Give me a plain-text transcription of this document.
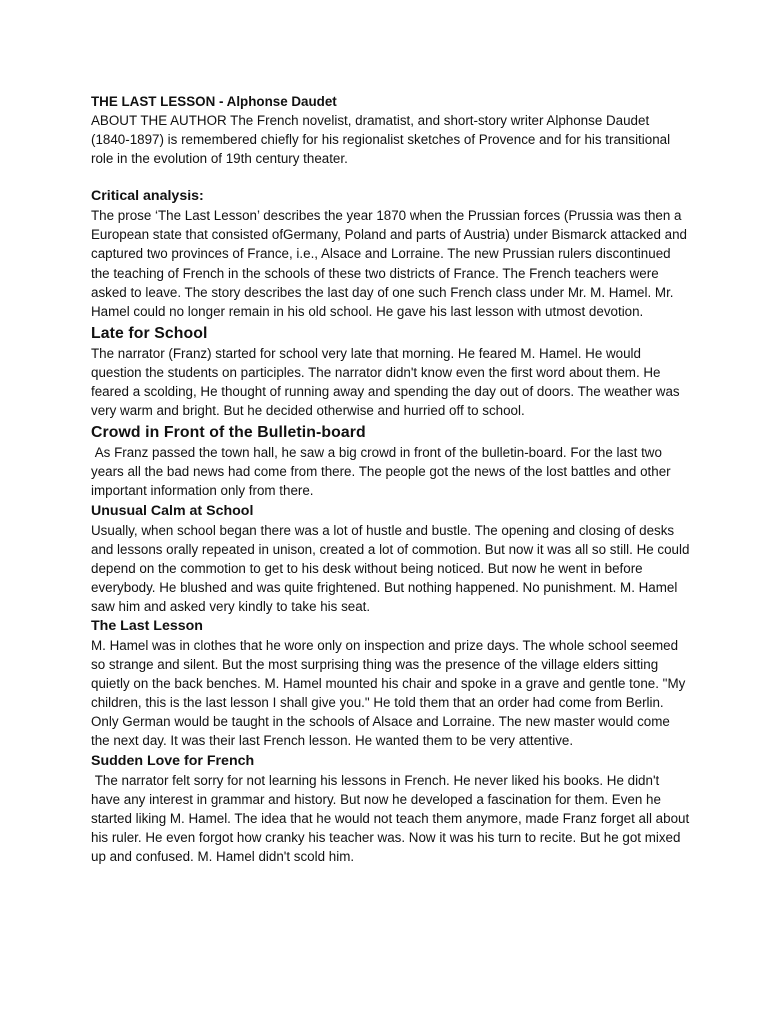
THE LAST LESSON - Alphonse Daudet

ABOUT THE AUTHOR The French novelist, dramatist, and short-story writer Alphonse Daudet (1840-1897) is remembered chiefly for his regionalist sketches of Provence and for his transitional role in the evolution of 19th century theater.

Critical analysis:

The prose ‘The Last Lesson’ describes the year 1870 when the Prussian forces (Prussia was then a European state that consisted ofGermany, Poland and parts of Austria) under Bismarck attacked and captured two provinces of France, i.e., Alsace and Lorraine. The new Prussian rulers discontinued the teaching of French in the schools of these two districts of France. The French teachers were asked to leave. The story describes the last day of one such French class under Mr. M. Hamel. Mr. Hamel could no longer remain in his old school. He gave his last lesson with utmost devotion.

Late for School

The narrator (Franz) started for school very late that morning. He feared M. Hamel. He would question the students on participles. The narrator didn't know even the first word about them. He feared a scolding, He thought of running away and spending the day out of doors. The weather was very warm and bright. But he decided otherwise and hurried off to school.

Crowd in Front of the Bulletin-board

As Franz passed the town hall, he saw a big crowd in front of the bulletin-board. For the last two years all the bad news had come from there. The people got the news of the lost battles and other important information only from there.

Unusual Calm at School

Usually, when school began there was a lot of hustle and bustle. The opening and closing of desks and lessons orally repeated in unison, created a lot of commotion. But now it was all so still. He could depend on the commotion to get to his desk without being noticed. But now he went in before everybody. He blushed and was quite frightened. But nothing happened. No punishment. M. Hamel saw him and asked very kindly to take his seat.

The Last Lesson

M. Hamel was in clothes that he wore only on inspection and prize days. The whole school seemed so strange and silent. But the most surprising thing was the presence of the village elders sitting quietly on the back benches. M. Hamel mounted his chair and spoke in a grave and gentle tone. "My children, this is the last lesson I shall give you." He told them that an order had come from Berlin. Only German would be taught in the schools of Alsace and Lorraine. The new master would come the next day. It was their last French lesson. He wanted them to be very attentive.

Sudden Love for French

The narrator felt sorry for not learning his lessons in French. He never liked his books. He didn't have any interest in grammar and history. But now he developed a fascination for them. Even he started liking M. Hamel. The idea that he would not teach them anymore, made Franz forget all about his ruler. He even forgot how cranky his teacher was. Now it was his turn to recite. But he got mixed up and confused. M. Hamel didn't scold him.
